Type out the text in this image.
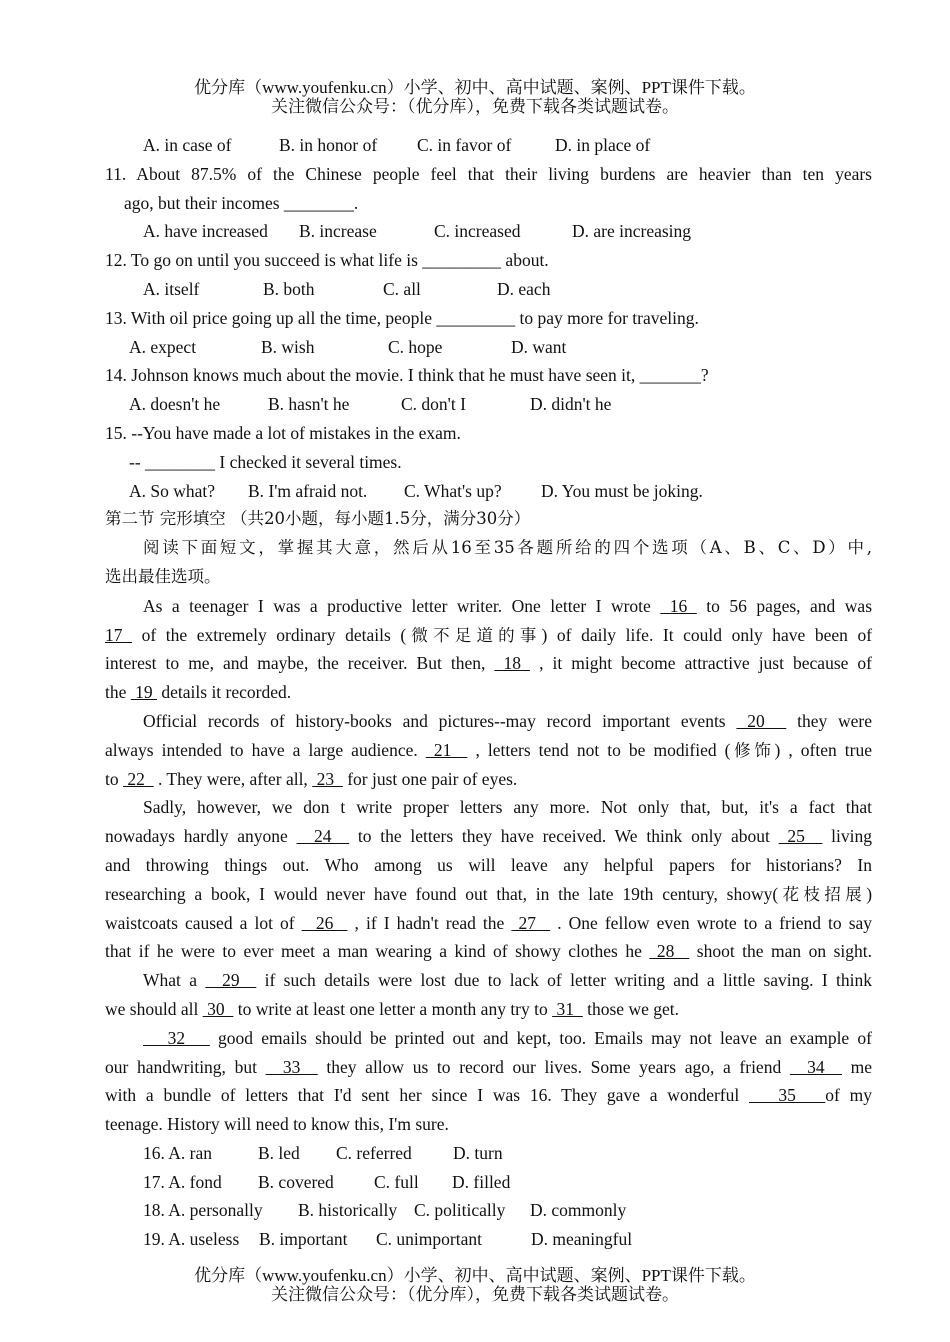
优分库（www.youfenku.cn）小学、初中、高中试题、案例、PPT课件下载。
关注微信公众号：（优分库），免费下载各类试题试卷。
A. in case of	B. in honor of C. in favor of D. in place of
11. About 87.5% of the Chinese people feel that their living burdens are heavier than ten years
ago, but their incomes ________.
A. have increased B. increase	C. increased	D. are increasing
12. To go on until you succeed is what life is _________ about.
A. itself	B. both	C. all	D. each
13. With oil price going up all the time, people _________ to pay more for traveling.
A. expect	B. wish	C. hope	D. want
14. Johnson knows much about the movie. I think that he must have seen it, _______?
A. doesn't he	B. hasn't he	C. don't I	D. didn't he
15. --You have made a lot of mistakes in the exam.
-- ________ I checked it several times.
A. So what? B. I'm afraid not. C. What's up? D. You must be joking.
第二节 完形填空 （共20小题，每小题1.5分，满分30分）
阅读下面短文，掌握其大意，然后从16至35各题所给的四个选项（A、B、C、D）中,
选出最佳选项。
As a teenager I was a productive letter writer. One letter I wrote  16  to 56 pages, and was
17  of the extremely ordinary details (微不足道的事) of daily life. It could only have been of
interest to me, and maybe, the receiver. But then,  18  , it might become attractive just because of
the  19  details it recorded.
Official records of history-books and pictures--may record important events  20   they were
always intended to have a large audience.  21   , letters tend not to be modified (修饰) , often true
to  22   . They were, after all,  23   for just one pair of eyes.
Sadly, however, we don t write proper letters any more. Not only that, but, it's a fact that
nowadays hardly anyone   24   to the letters they have received. We think only about  25   living
and throwing things out. Who among us will leave any helpful papers for historians? In
researching a book, I would never have found out that, in the late 19th century, showy(花枝招展)
waistcoats caused a lot of   26   , if I hadn't read the  27   . One fellow even wrote to a friend to say
that if he were to ever meet a man wearing a kind of showy clothes he  28   shoot the man on sight.
What a   29   if such details were lost due to lack of letter writing and a little saving. I think
we should all  30   to write at least one letter a month any try to  31   those we get.
32    good emails should be printed out and kept, too. Emails may not leave an example of
our handwriting, but   33   they allow us to record our lives. Some years ago, a friend   34   me
with a bundle of letters that I'd sent her since I was 16. They gave a wonderful    35   of my
teenage. History will need to know this, I'm sure.
16. A. ran	B. led C. referred D. turn
17. A. fond B. covered C. full D. filled
18. A. personally B. historically C. politically D. commonly
19. A. useless B. important C. unimportant	D. meaningful
优分库（www.youfenku.cn）小学、初中、高中试题、案例、PPT课件下载。
关注微信公众号：（优分库），免费下载各类试题试卷。
